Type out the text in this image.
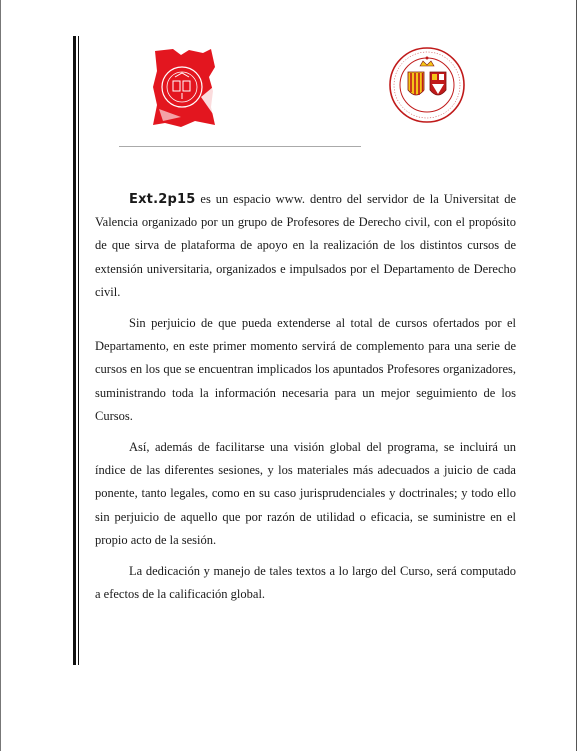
Ext.2p15 es un espacio www. dentro del servidor de la Universitat de Valencia organizado por un grupo de Profesores de Derecho civil, con el propósito de que sirva de plataforma de apoyo en la realización de los distintos cursos de extensión universitaria, organizados e impulsados por el Departamento de Derecho civil.

Sin perjuicio de que pueda extenderse al total de cursos ofertados por el Departamento, en este primer momento servirá de complemento para una serie de cursos en los que se encuentran implicados los apuntados Profesores organizadores, suministrando toda la información necesaria para un mejor seguimiento de los Cursos.

Así, además de facilitarse una visión global del programa, se incluirá un índice de las diferentes sesiones, y los materiales más adecuados a juicio de cada ponente, tanto legales, como en su caso jurisprudenciales y doctrinales; y todo ello sin perjuicio de aquello que por razón de utilidad o eficacia, se suministre en el propio acto de la sesión.

La dedicación y manejo de tales textos a lo largo del Curso, será computado a efectos de la calificación global.
